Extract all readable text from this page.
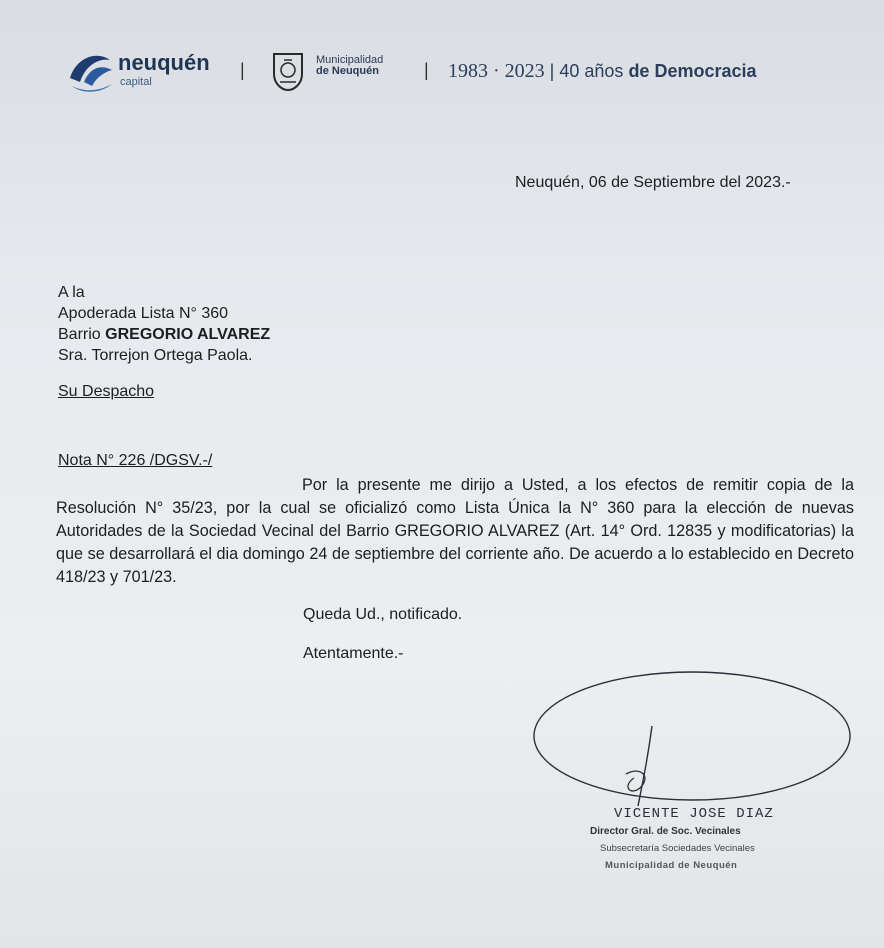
neuquén
capital
|	Municipalidad
de Neuquén	| 1983 · 2023 | 40 años de Democracia
Neuquén, 06 de Septiembre del 2023.-
A la
Apoderada Lista N° 360
Barrio GREGORIO ALVAREZ
Sra. Torrejon Ortega Paola.
Su Despacho
Nota N° 226 /DGSV.-/
Por la presente me dirijo a Usted, a los efectos de remitir copia de la Resolución N° 35/23, por la cual se oficializó como Lista Única la N° 360 para la elección de nuevas Autoridades de la Sociedad Vecinal del Barrio GREGORIO ALVAREZ (Art. 14° Ord. 12835 y modificatorias) la que se desarrollará el dia domingo 24 de septiembre del corriente año. De acuerdo a lo establecido en Decreto 418/23 y 701/23.
Queda Ud., notificado.
Atentamente.-
VICENTE JOSE DIAZ
Director Gral. de Soc. Vecinales
Subsecretaría Sociedades Vecinales
Municipalidad de Neuquén
